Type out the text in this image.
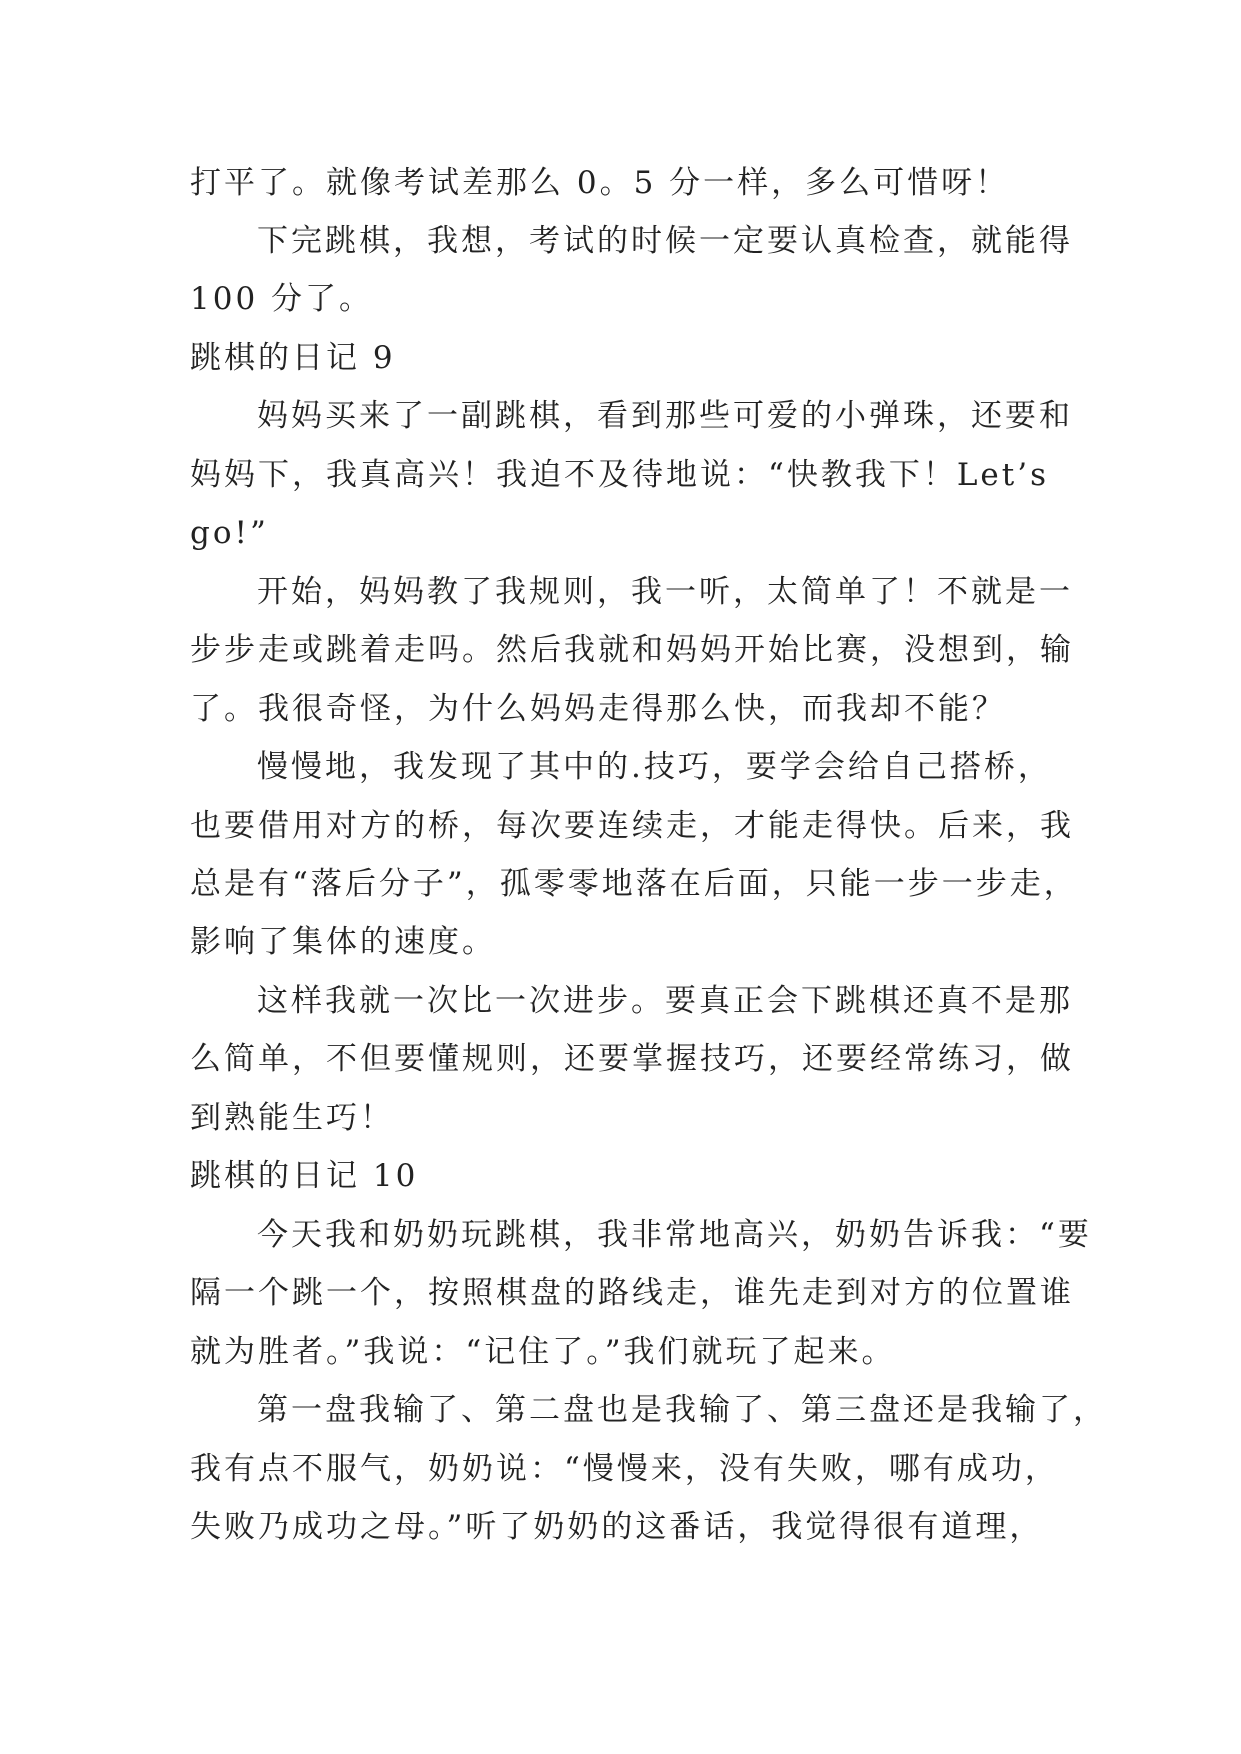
打平了。就像考试差那么 0。5 分一样，多么可惜呀！
下完跳棋，我想，考试的时候一定要认真检查，就能得
100 分了。
跳棋的日记 9
妈妈买来了一副跳棋，看到那些可爱的小弹珠，还要和
妈妈下，我真高兴！我迫不及待地说：“快教我下！Let’s
go!”
开始，妈妈教了我规则，我一听，太简单了！不就是一
步步走或跳着走吗。然后我就和妈妈开始比赛，没想到，输
了。我很奇怪，为什么妈妈走得那么快，而我却不能？
慢慢地，我发现了其中的.技巧，要学会给自己搭桥，
也要借用对方的桥，每次要连续走，才能走得快。后来，我
总是有“落后分子”，孤零零地落在后面，只能一步一步走，
影响了集体的速度。
这样我就一次比一次进步。要真正会下跳棋还真不是那
么简单，不但要懂规则，还要掌握技巧，还要经常练习，做
到熟能生巧！
跳棋的日记 10
今天我和奶奶玩跳棋，我非常地高兴，奶奶告诉我：“要
隔一个跳一个，按照棋盘的路线走，谁先走到对方的位置谁
就为胜者。”我说：“记住了。”我们就玩了起来。
第一盘我输了、第二盘也是我输了、第三盘还是我输了，
我有点不服气，奶奶说：“慢慢来，没有失败，哪有成功，
失败乃成功之母。”听了奶奶的这番话，我觉得很有道理，
